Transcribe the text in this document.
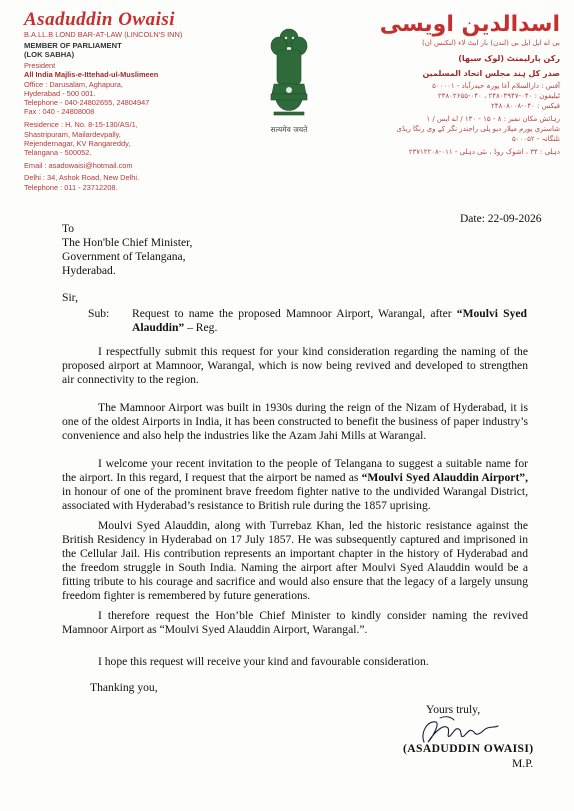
Asaduddin Owaisi
B.A.LL.B LOND BAR-AT-LAW (LINCOLN'S INN)
MEMBER OF PARLIAMENT
(LOK SABHA)
President
All India Majlis-e-Ittehad-ul-Muslimeen
Office : Darusalam, Aghapura,
Hyderabad - 500 001.
Telephone - 040-24802655, 24804947
Fax : 040 - 24808008
Residence : H. No. 8-15-130/AS/1,
Shastripuram, Mailardevpally,
Rejendernagar, KV Rangareddy,
Telangana - 500052.
Email : asadowaisi@hotmail.com
Delhi : 34, Ashok Road, New Delhi.
Telephone : 011 - 23712208.
सत्यमेव जयते
اسدالدین اویسی
بی اے ایل ایل بی (لندن) بار ایٹ لاء (لنکنس ان)
رکن پارلیمنٹ (لوک سبھا)
صدر کل ہند مجلس اتحاد المسلمین
آفس : دارالسلام آغا پورہ حیدرآباد - ۵۰۰۰۰۱
ٹیلیفون : ۰۴۰-۲۴۸۰۴۹۴۷ ، ۰۴۰-۲۴۸۰۲۶۵۵
فیکس : ۰۴۰-۲۴۸۰۸۰۰۸
رہائش مکان نمبر : ۸ - ۱۵ - ۱۳۰ / اے ایس / ۱
شاستری پورم میلار دیو پلی راجندر نگر کے وی رنگا ریڈی
تلنگانہ - ۵۰۰۰۵۲
دہلی : ۳۴ ، اشوک روڈ ، نئی دہلی - ۰۱۱-۲۳۷۱۲۲۰۸
Date: 22-09-2026
To
The Hon'ble Chief Minister,
Government of Telangana,
Hyderabad.
Sir,
Sub: Request to name the proposed Mamnoor Airport, Warangal, after “Moulvi Syed Alauddin” – Reg.
I respectfully submit this request for your kind consideration regarding the naming of the proposed airport at Mamnoor, Warangal, which is now being revived and developed to strengthen air connectivity to the region.
The Mamnoor Airport was built in 1930s during the reign of the Nizam of Hyderabad, it is one of the oldest Airports in India, it has been constructed to benefit the business of paper industry’s convenience and also help the industries like the Azam Jahi Mills at Warangal.
I welcome your recent invitation to the people of Telangana to suggest a suitable name for the airport. In this regard, I request that the airport be named as “Moulvi Syed Alauddin Airport”, in honour of one of the prominent brave freedom fighter native to the undivided Warangal District, associated with Hyderabad’s resistance to British rule during the 1857 uprising.
Moulvi Syed Alauddin, along with Turrebaz Khan, led the historic resistance against the British Residency in Hyderabad on 17 July 1857. He was subsequently captured and imprisoned in the Cellular Jail. His contribution represents an important chapter in the history of Hyderabad and the freedom struggle in South India. Naming the airport after Moulvi Syed Alauddin would be a fitting tribute to his courage and sacrifice and would also ensure that the legacy of a largely unsung freedom fighter is remembered by future generations.
I therefore request the Hon’ble Chief Minister to kindly consider naming the revived Mamnoor Airport as “Moulvi Syed Alauddin Airport, Warangal.”.
I hope this request will receive your kind and favourable consideration.
Thanking you,
Yours truly,
(ASADUDDIN OWAISI)
M.P.
